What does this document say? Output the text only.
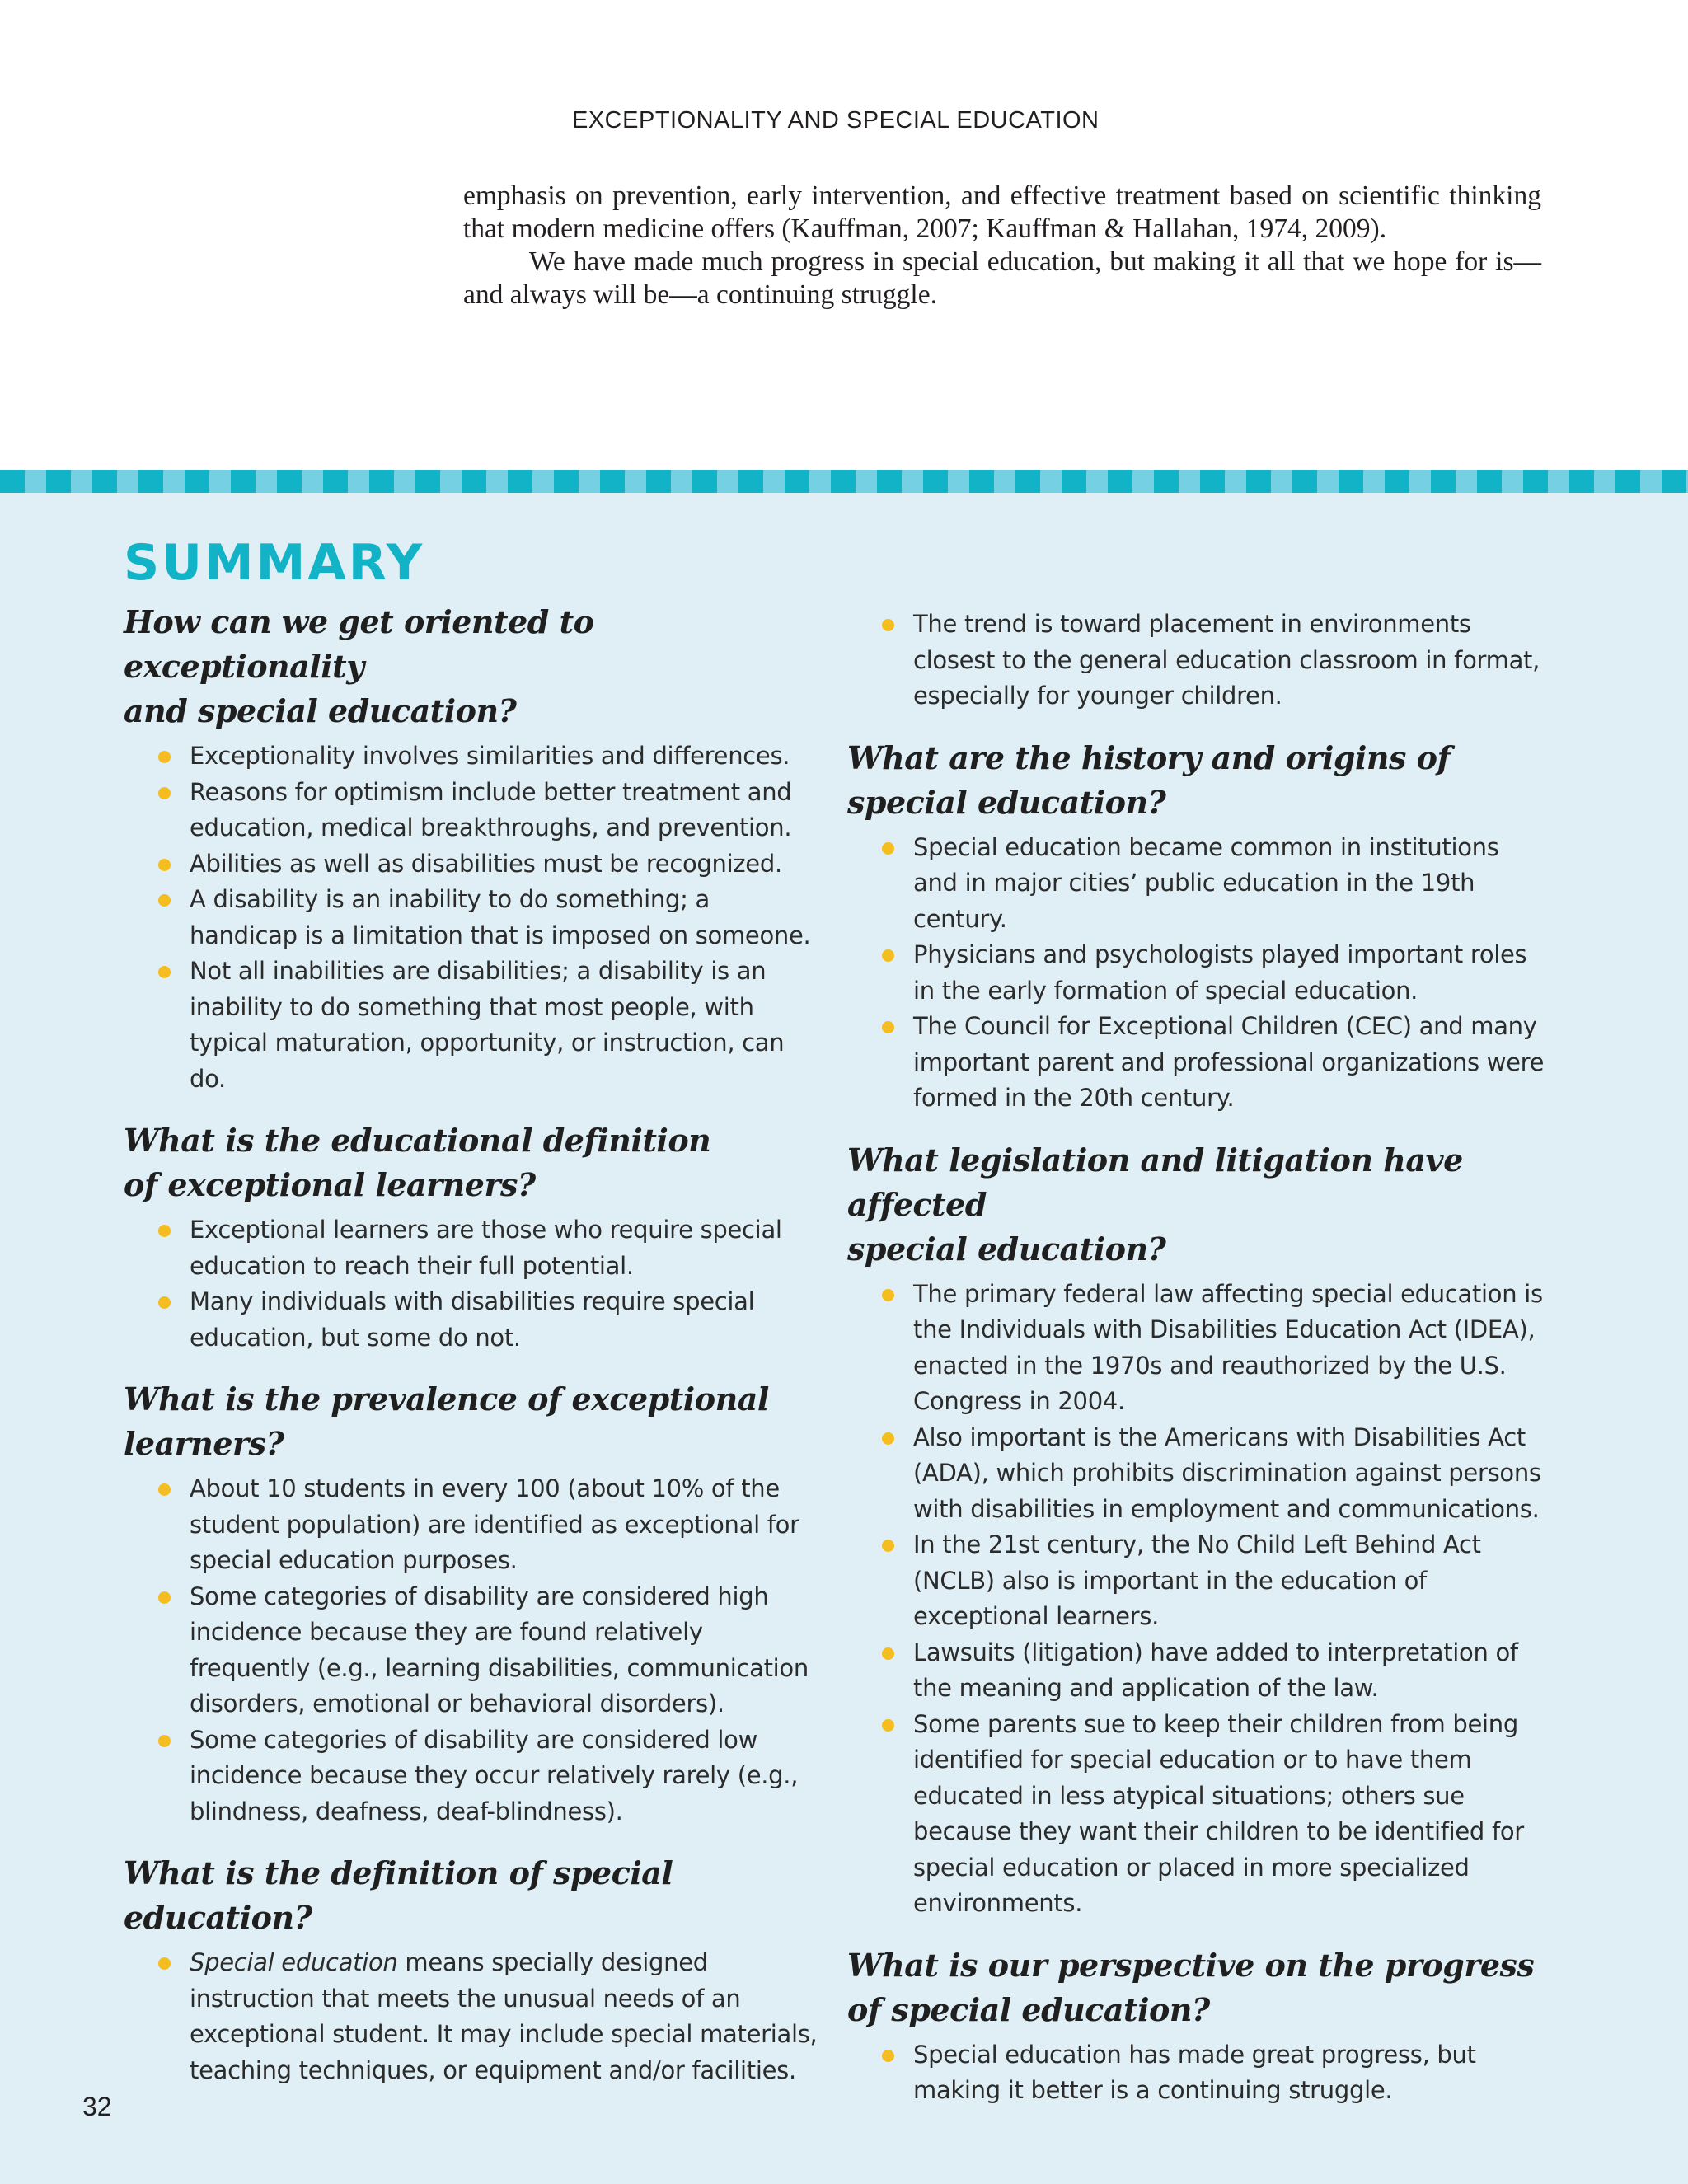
EXCEPTIONALITY AND SPECIAL EDUCATION

emphasis on prevention, early intervention, and effective treatment based on scientific thinking that modern medicine offers (Kauffman, 2007; Kauffman & Hallahan, 1974, 2009).

We have made much progress in special education, but making it all that we hope for is—and always will be—a continuing struggle.

SUMMARY
How can we get oriented to exceptionality
and special education?
Exceptionality involves similarities and differences.
Reasons for optimism include better treatment and education, medical breakthroughs, and prevention.
Abilities as well as disabilities must be recognized.
A disability is an inability to do something; a handicap is a limitation that is imposed on someone.
Not all inabilities are disabilities; a disability is an inability to do something that most people, with typical maturation, opportunity, or instruction, can do.
What is the educational definition
of exceptional learners?
Exceptional learners are those who require special education to reach their full potential.
Many individuals with disabilities require special education, but some do not.
What is the prevalence of exceptional learners?
About 10 students in every 100 (about 10% of the student population) are identified as exceptional for special education purposes.
Some categories of disability are considered high incidence because they are found relatively frequently (e.g., learning disabilities, communication disorders, emotional or behavioral disorders).
Some categories of disability are considered low incidence because they occur relatively rarely (e.g., blindness, deafness, deaf-blindness).
What is the definition of special education?
Special education means specially designed instruction that meets the unusual needs of an exceptional student. It may include special materials, teaching techniques, or equipment and/or facilities.
The trend is toward placement in environments closest to the general education classroom in format, especially for younger children.
What are the history and origins of special education?
Special education became common in institutions and in major cities’ public education in the 19th century.
Physicians and psychologists played important roles in the early formation of special education.
The Council for Exceptional Children (CEC) and many important parent and professional organizations were formed in the 20th century.
What legislation and litigation have affected
special education?
The primary federal law affecting special education is the Individuals with Disabilities Education Act (IDEA), enacted in the 1970s and reauthorized by the U.S. Congress in 2004.
Also important is the Americans with Disabilities Act (ADA), which prohibits discrimination against persons with disabilities in employment and communications.
In the 21st century, the No Child Left Behind Act (NCLB) also is important in the education of exceptional learners.
Lawsuits (litigation) have added to interpretation of the meaning and application of the law.
Some parents sue to keep their children from being identified for special education or to have them educated in less atypical situations; others sue because they want their children to be identified for special education or placed in more specialized environments.
What is our perspective on the progress
of special education?
Special education has made great progress, but making it better is a continuing struggle.
32
